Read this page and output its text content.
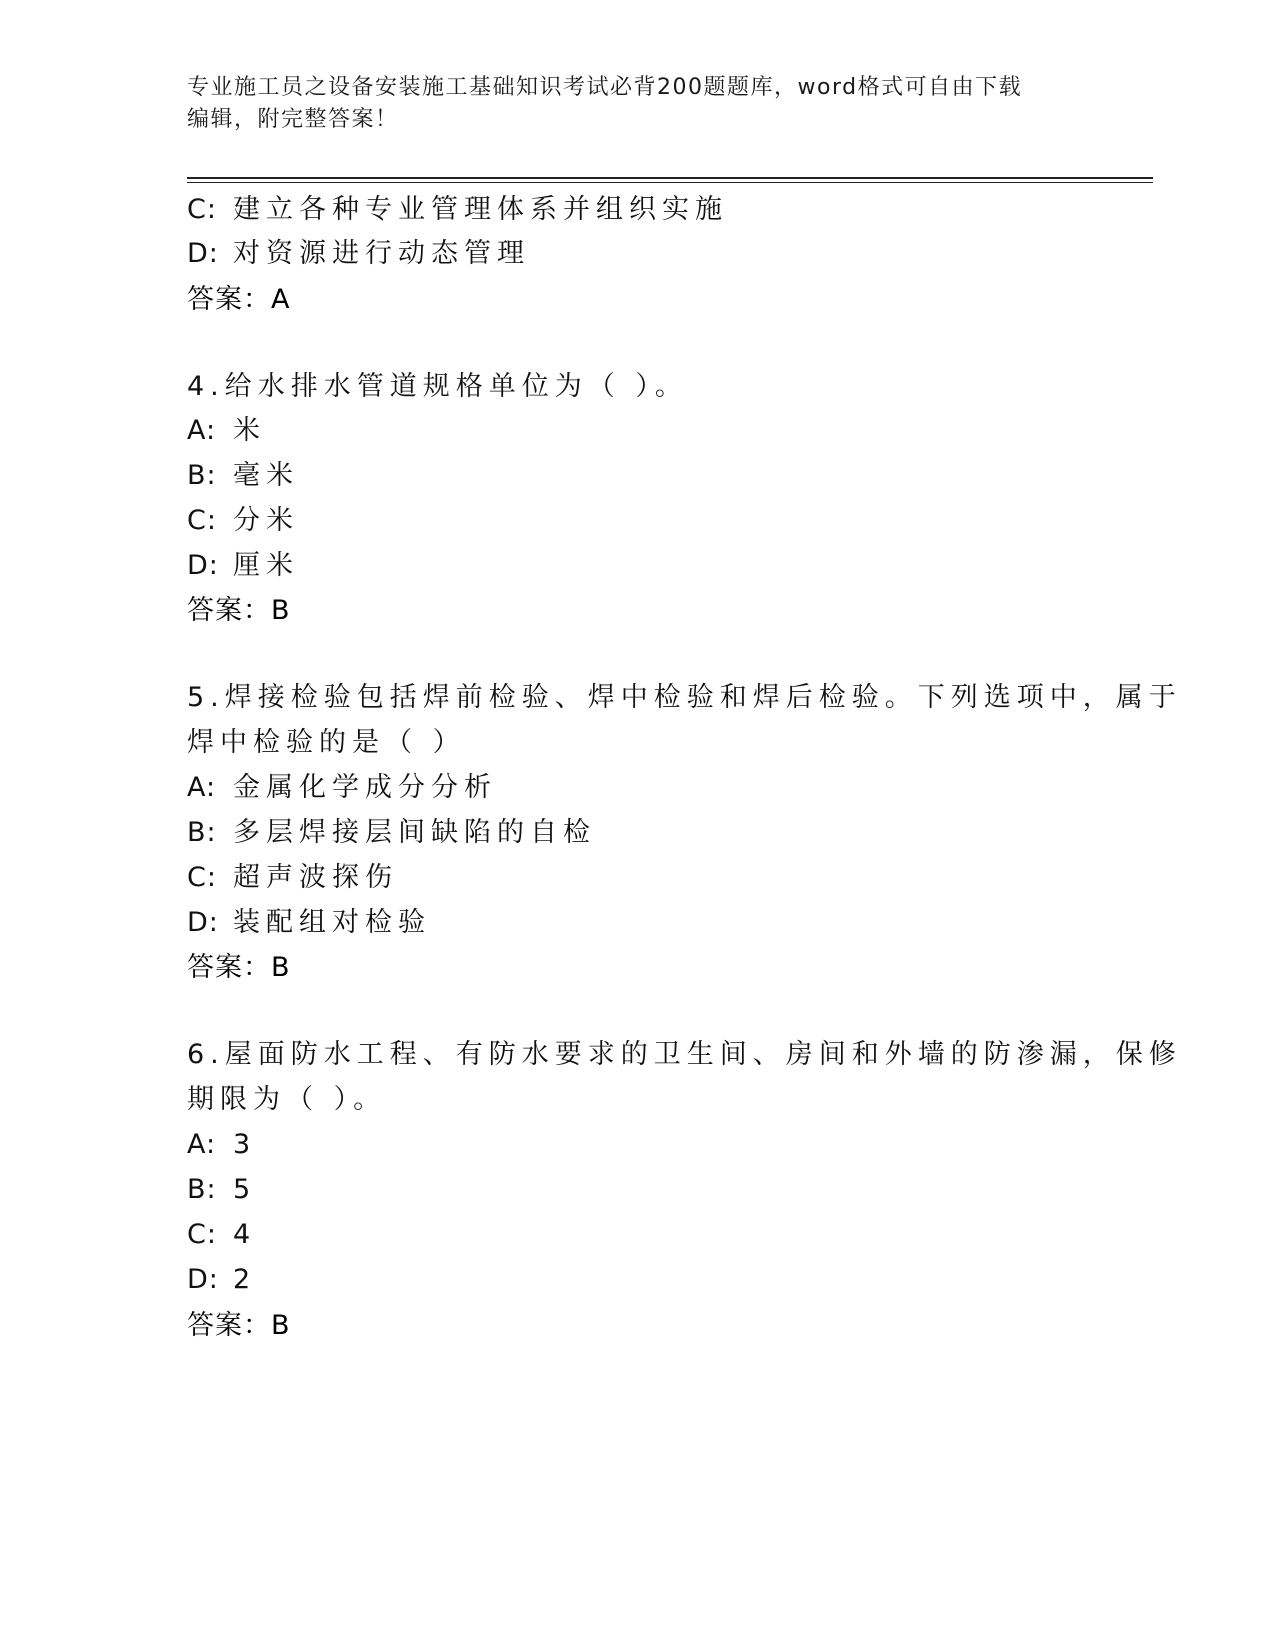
专业施工员之设备安装施工基础知识考试必背200题题库，word格式可自由下载
编辑，附完整答案！
C: 建立各种专业管理体系并组织实施
D: 对资源进行动态管理
答案：A
4.给水排水管道规格单位为（ ）。
A: 米
B: 毫米
C: 分米
D: 厘米
答案：B
5.焊接检验包括焊前检验、焊中检验和焊后检验。下列选项中，属于
焊中检验的是（ ）
A: 金属化学成分分析
B: 多层焊接层间缺陷的自检
C: 超声波探伤
D: 装配组对检验
答案：B
6.屋面防水工程、有防水要求的卫生间、房间和外墙的防渗漏，保修
期限为（ ）。
A: 3
B: 5
C: 4
D: 2
答案：B
